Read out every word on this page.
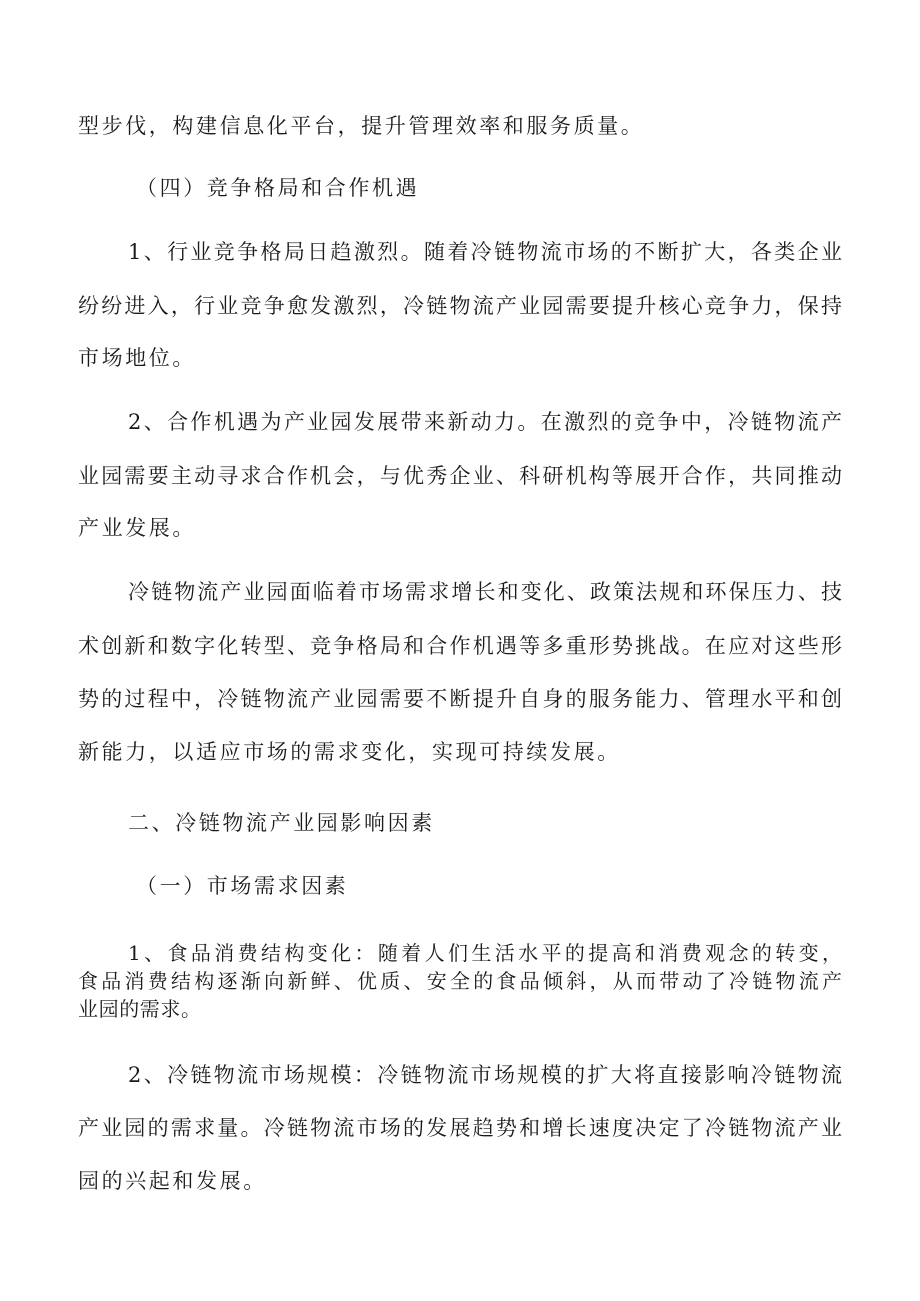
型步伐，构建信息化平台，提升管理效率和服务质量。
（四）竞争格局和合作机遇
1、行业竞争格局日趋激烈。随着冷链物流市场的不断扩大，各类企业
纷纷进入，行业竞争愈发激烈，冷链物流产业园需要提升核心竞争力，保持
市场地位。
2、合作机遇为产业园发展带来新动力。在激烈的竞争中，冷链物流产
业园需要主动寻求合作机会，与优秀企业、科研机构等展开合作，共同推动
产业发展。
冷链物流产业园面临着市场需求增长和变化、政策法规和环保压力、技
术创新和数字化转型、竞争格局和合作机遇等多重形势挑战。在应对这些形
势的过程中，冷链物流产业园需要不断提升自身的服务能力、管理水平和创
新能力，以适应市场的需求变化，实现可持续发展。
二、冷链物流产业园影响因素
（一）市场需求因素
1、食品消费结构变化：随着人们生活水平的提高和消费观念的转变，
食品消费结构逐渐向新鲜、优质、安全的食品倾斜，从而带动了冷链物流产
业园的需求。
2、冷链物流市场规模：冷链物流市场规模的扩大将直接影响冷链物流
产业园的需求量。冷链物流市场的发展趋势和增长速度决定了冷链物流产业
园的兴起和发展。
